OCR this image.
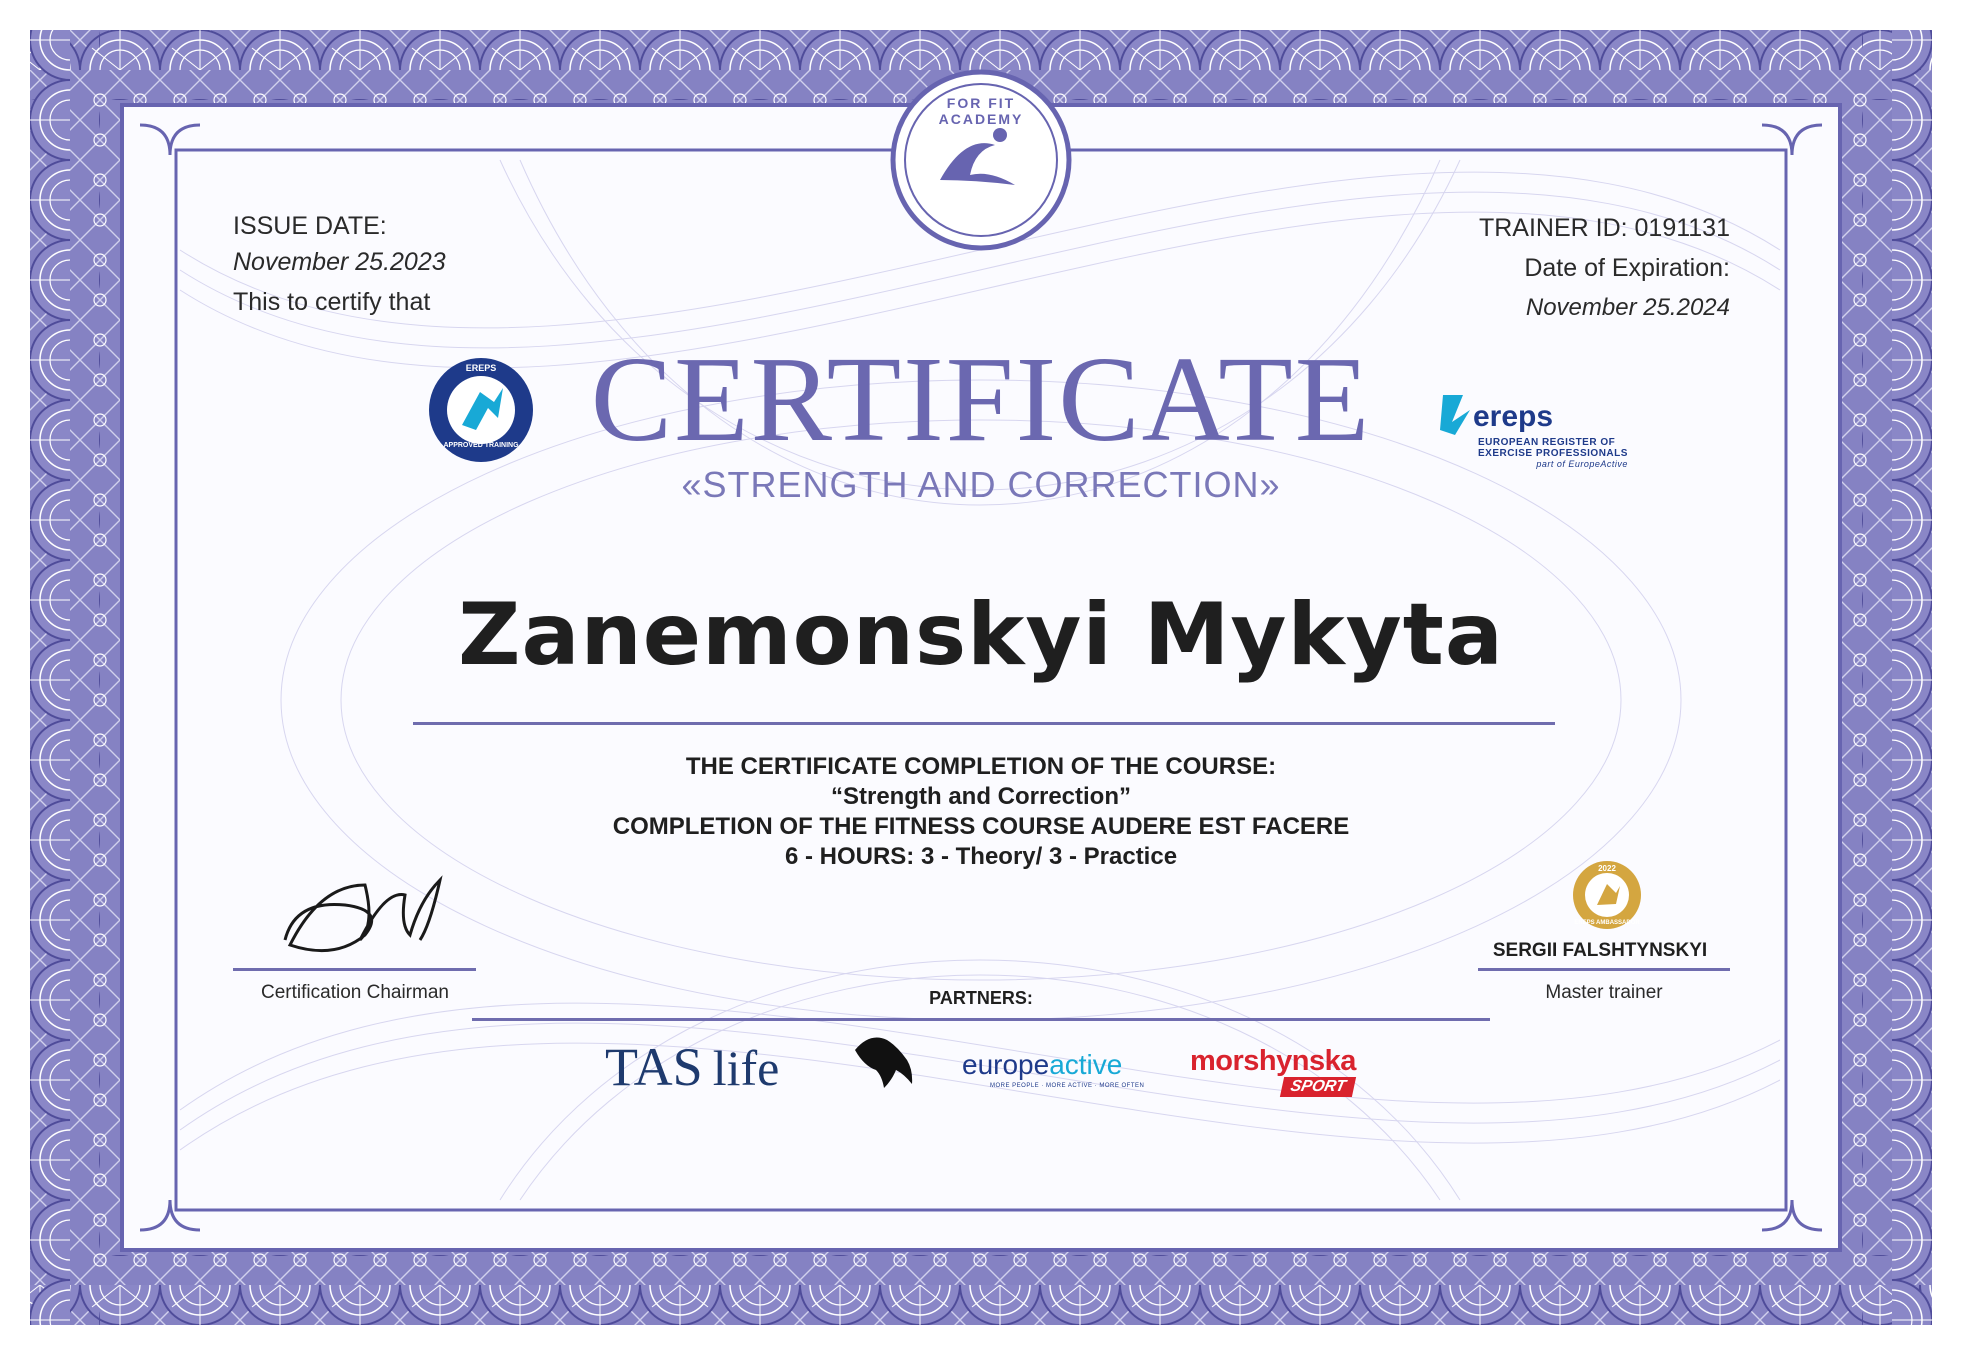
FOR FIT ACADEMY
ISSUE DATE:
November 25.2023
This to certify that
TRAINER ID: 0191131
Date of Expiration:
November 25.2024
EREPS
APPROVED TRAINING
ereps
EUROPEAN REGISTER OF
EXERCISE PROFESSIONALS
part of EuropeActive
CERTIFICATE
«STRENGTH AND CORRECTION»
Zanemonskyi Mykyta
THE CERTIFICATE COMPLETION OF THE COURSE:
“Strength and Correction”
COMPLETION OF THE FITNESS COURSE AUDERE EST FACERE
6 - HOURS: 3 - Theory/ 3 - Practice	2022
EREPS AMBASSADOR
Certification Chairman
SERGII FALSHTYNSKYI
Master trainer
PARTNERS:
TAS life	europeactive
MORE PEOPLE · MORE ACTIVE · MORE OFTEN
morshynska
SPORT
